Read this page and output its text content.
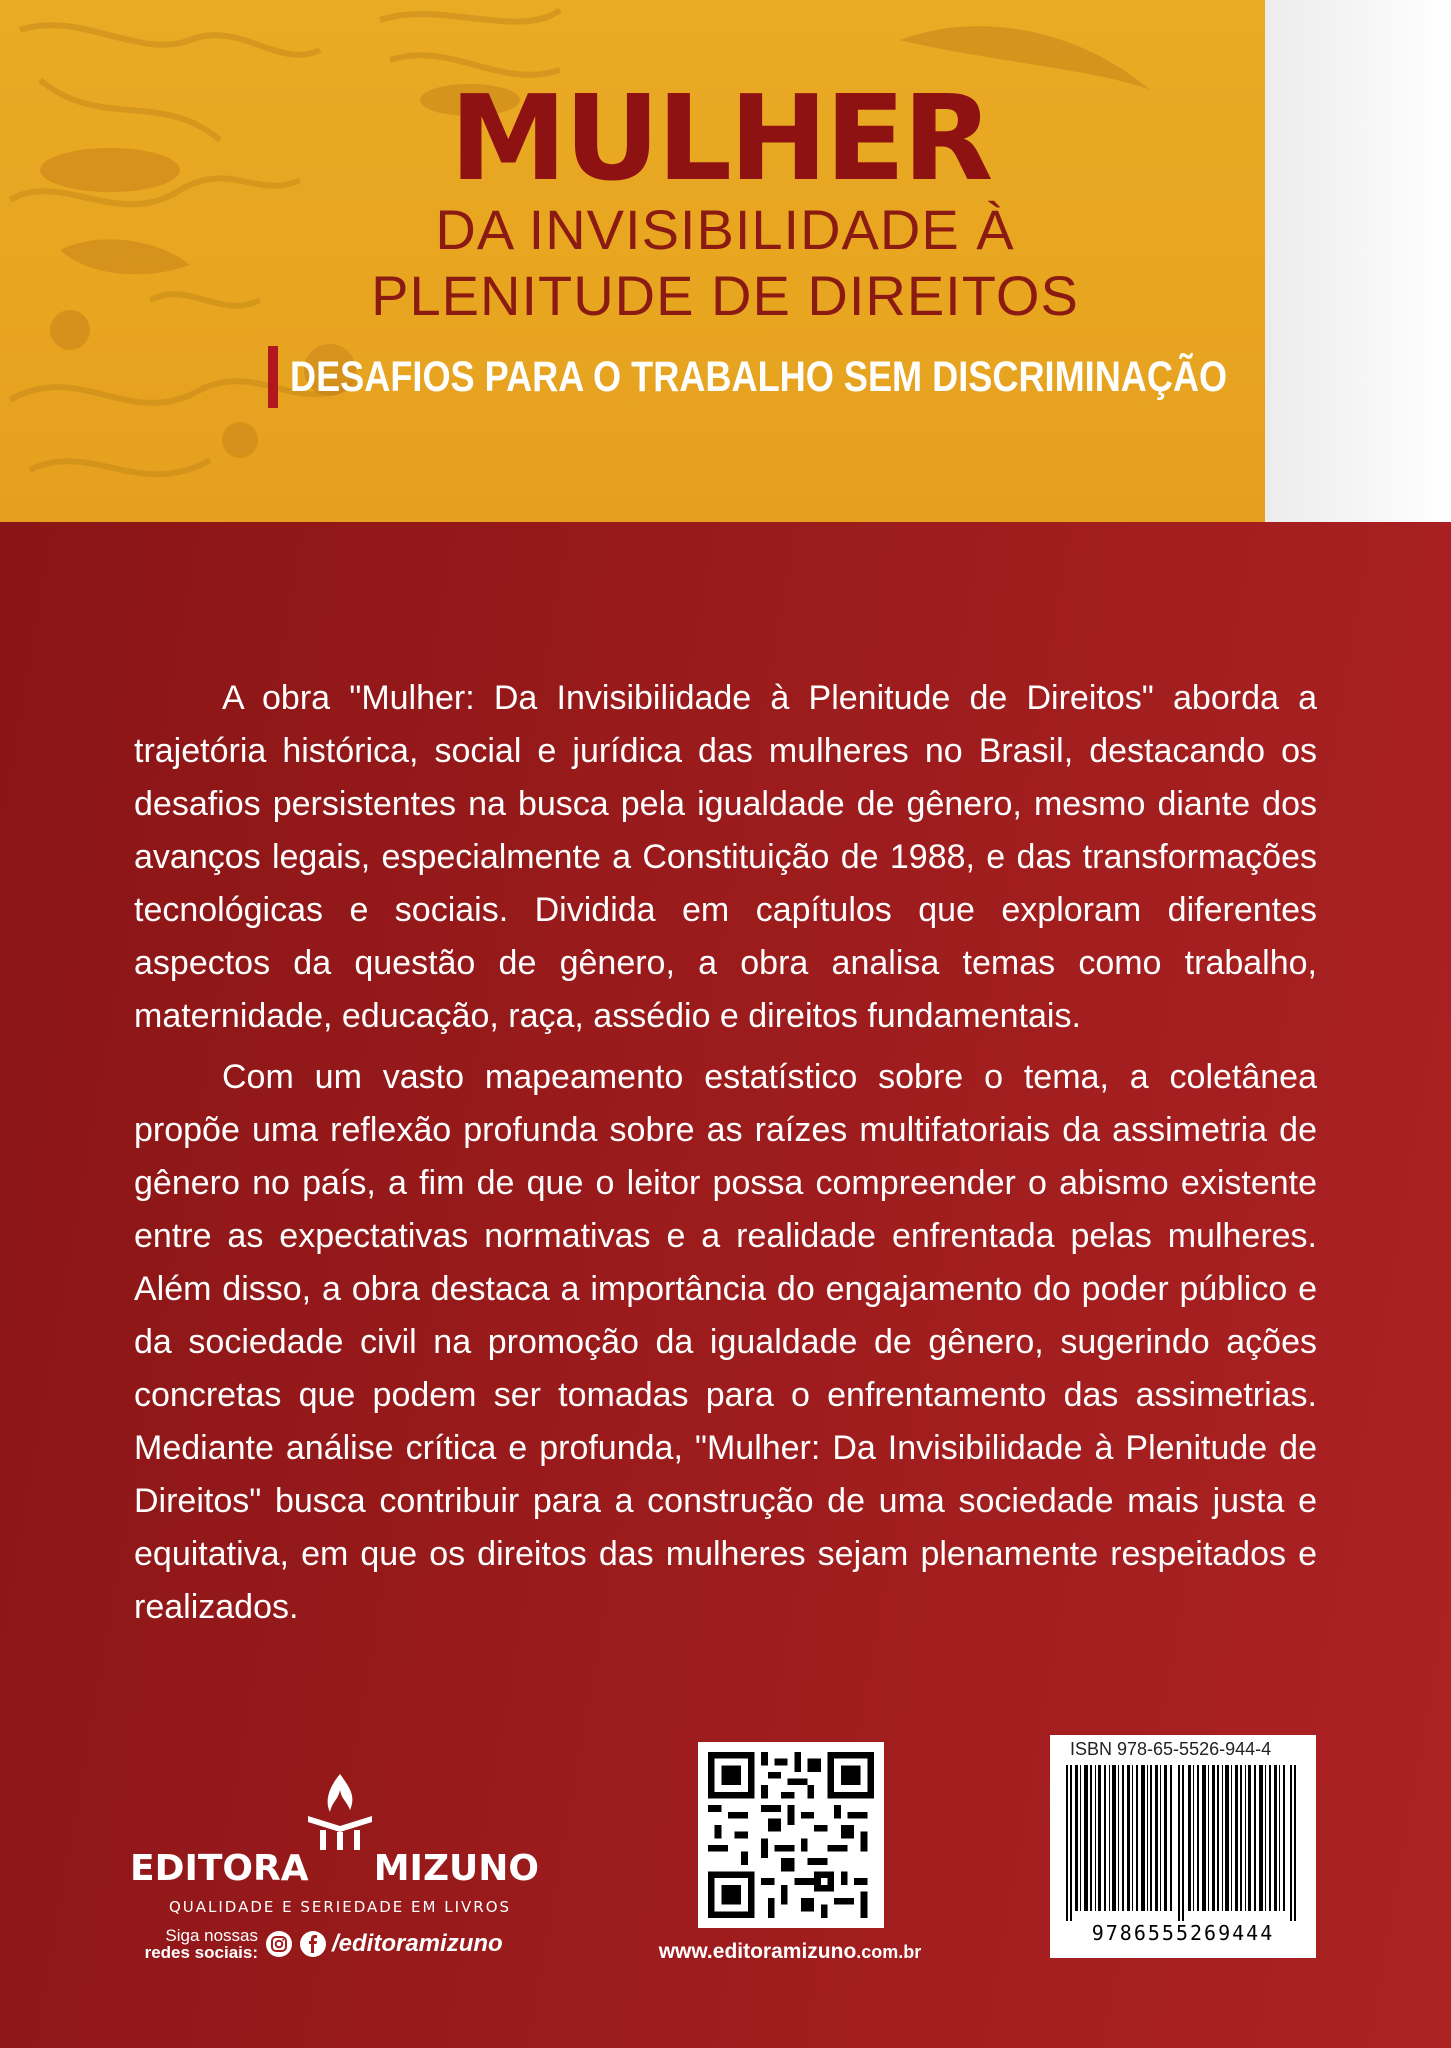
MULHER
DA INVISIBILIDADE À
PLENITUDE DE DIREITOS
DESAFIOS PARA O TRABALHO SEM DISCRIMINAÇÃO

A obra "Mulher: Da Invisibilidade à Plenitude de Direitos" aborda a trajetória histórica, social e jurídica das mulheres no Brasil, destacando os desafios persistentes na busca pela igualdade de gênero, mesmo diante dos avanços legais, especialmente a Constituição de 1988, e das transformações tecnológicas e sociais. Dividida em capítulos que exploram diferentes aspectos da questão de gênero, a obra analisa temas como trabalho, maternidade, educação, raça, assédio e direitos fundamentais.

Com um vasto mapeamento estatístico sobre o tema, a coletânea propõe uma reflexão profunda sobre as raízes multifatoriais da assimetria de gênero no país, a fim de que o leitor possa compreender o abismo existente entre as expectativas normativas e a realidade enfrentada pelas mulheres. Além disso, a obra destaca a importância do engajamento do poder público e da sociedade civil na promoção da igualdade de gênero, sugerindo ações concretas que podem ser tomadas para o enfrentamento das assimetrias. Mediante análise crítica e profunda, "Mulher: Da Invisibilidade à Plenitude de Direitos" busca contribuir para a construção de uma sociedade mais justa e equitativa, em que os direitos das mulheres sejam plenamente respeitados e realizados.

EDITORA MIZUNO
QUALIDADE E SERIEDADE EM LIVROS
Siga nossas
redes sociais:	/editoramizuno	www.editoramizuno.com.br
ISBN 978-65-5526-944-4
9786555269444
